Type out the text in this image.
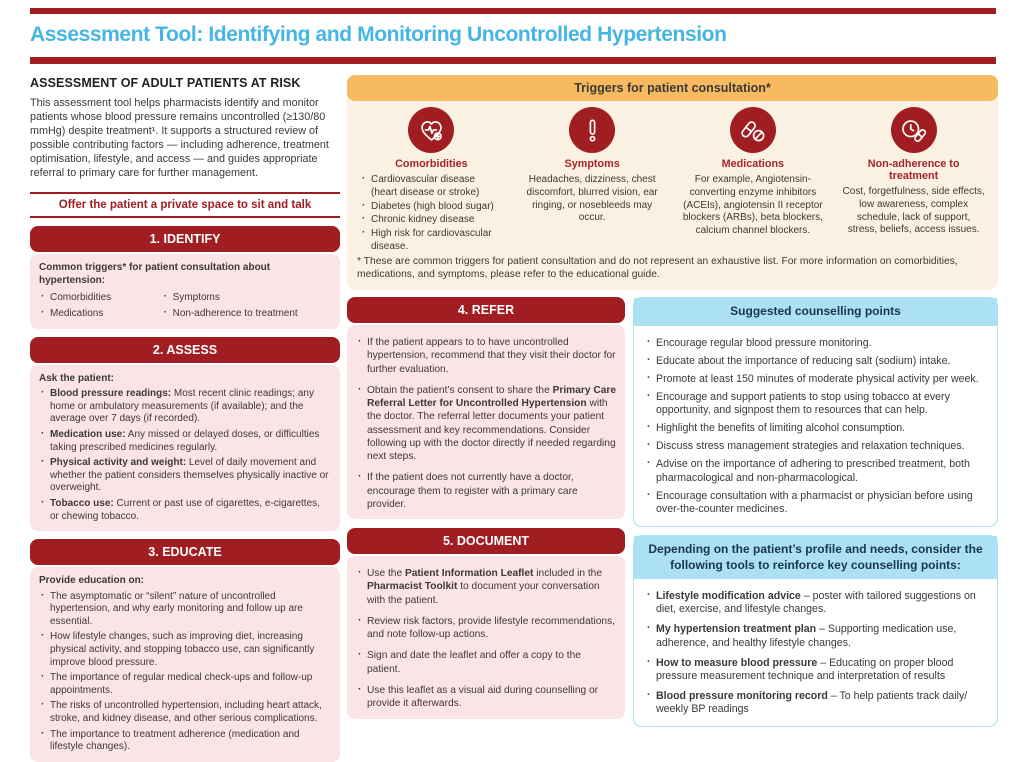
Assessment Tool: Identifying and Monitoring Uncontrolled Hypertension
ASSESSMENT OF ADULT PATIENTS AT RISK

This assessment tool helps pharmacists identify and monitor patients whose blood pressure remains uncontrolled (≥130/80 mmHg) despite treatment¹. It supports a structured review of possible contributing factors — including adherence, treatment optimisation, lifestyle, and access — and guides appropriate referral to primary care for further management.

Offer the patient a private space to sit and talk
1. IDENTIFY
Common triggers* for patient consultation about hypertension:
· Comorbidities
· Medications
· Symptoms
· Non-adherence to treatment
2. ASSESS
Ask the patient:
· Blood pressure readings: Most recent clinic readings; any home or ambulatory measurements (if available); and the average over 7 days (if recorded).
· Medication use: Any missed or delayed doses, or difficulties taking prescribed medicines regularly.
· Physical activity and weight: Level of daily movement and whether the patient considers themselves physically inactive or overweight.
· Tobacco use: Current or past use of cigarettes, e-cigarettes, or chewing tobacco.
3. EDUCATE
Provide education on:
· The asymptomatic or “silent” nature of uncontrolled hypertension, and why early monitoring and follow up are essential.
· How lifestyle changes, such as improving diet, increasing physical activity, and stopping tobacco use, can significantly improve blood pressure.
· The importance of regular medical check-ups and follow-up appointments.
· The risks of uncontrolled hypertension, including heart attack, stroke, and kidney disease, and other serious complications.
· The importance to treatment adherence (medication and lifestyle changes).
Triggers for patient consultation*
Comorbidities
· Cardiovascular disease (heart disease or stroke)
· Diabetes (high blood sugar)
· Chronic kidney disease
· High risk for cardiovascular disease.
Symptoms
Headaches, dizziness, chest discomfort, blurred vision, ear ringing, or nosebleeds may occur.
Medications
For example, Angiotensin-converting enzyme inhibitors (ACEIs), angiotensin II receptor blockers (ARBs), beta blockers, calcium channel blockers.
Non-adherence to treatment
Cost, forgetfulness, side effects, low awareness, complex schedule, lack of support, stress, beliefs, access issues.
* These are common triggers for patient consultation and do not represent an exhaustive list. For more information on comorbidities, medications, and symptoms, please refer to the educational guide.
4. REFER
· If the patient appears to to have uncontrolled hypertension, recommend that they visit their doctor for further evaluation.
· Obtain the patient’s consent to share the Primary Care Referral Letter for Uncontrolled Hypertension with the doctor. The referral letter documents your patient assessment and key recommendations. Consider following up with the doctor directly if needed regarding next steps.
· If the patient does not currently have a doctor, encourage them to register with a primary care provider.
5. DOCUMENT
· Use the Patient Information Leaflet included in the Pharmacist Toolkit to document your conversation with the patient.
· Review risk factors, provide lifestyle recommendations, and note follow-up actions.
· Sign and date the leaflet and offer a copy to the patient.
· Use this leaflet as a visual aid during counselling or provide it afterwards.
Suggested counselling points
· Encourage regular blood pressure monitoring.
· Educate about the importance of reducing salt (sodium) intake.
· Promote at least 150 minutes of moderate physical activity per week.
· Encourage and support patients to stop using tobacco at every opportunity, and signpost them to resources that can help.
· Highlight the benefits of limiting alcohol consumption.
· Discuss stress management strategies and relaxation techniques.
· Advise on the importance of adhering to prescribed treatment, both pharmacological and non-pharmacological.
· Encourage consultation with a pharmacist or physician before using over-the-counter medicines.
Depending on the patient’s profile and needs, consider the following tools to reinforce key counselling points:
· Lifestyle modification advice – poster with tailored suggestions on diet, exercise, and lifestyle changes.
· My hypertension treatment plan – Supporting medication use, adherence, and healthy lifestyle changes.
· How to measure blood pressure – Educating on proper blood pressure measurement technique and interpretation of results
· Blood pressure monitoring record – To help patients track daily/ weekly BP readings
